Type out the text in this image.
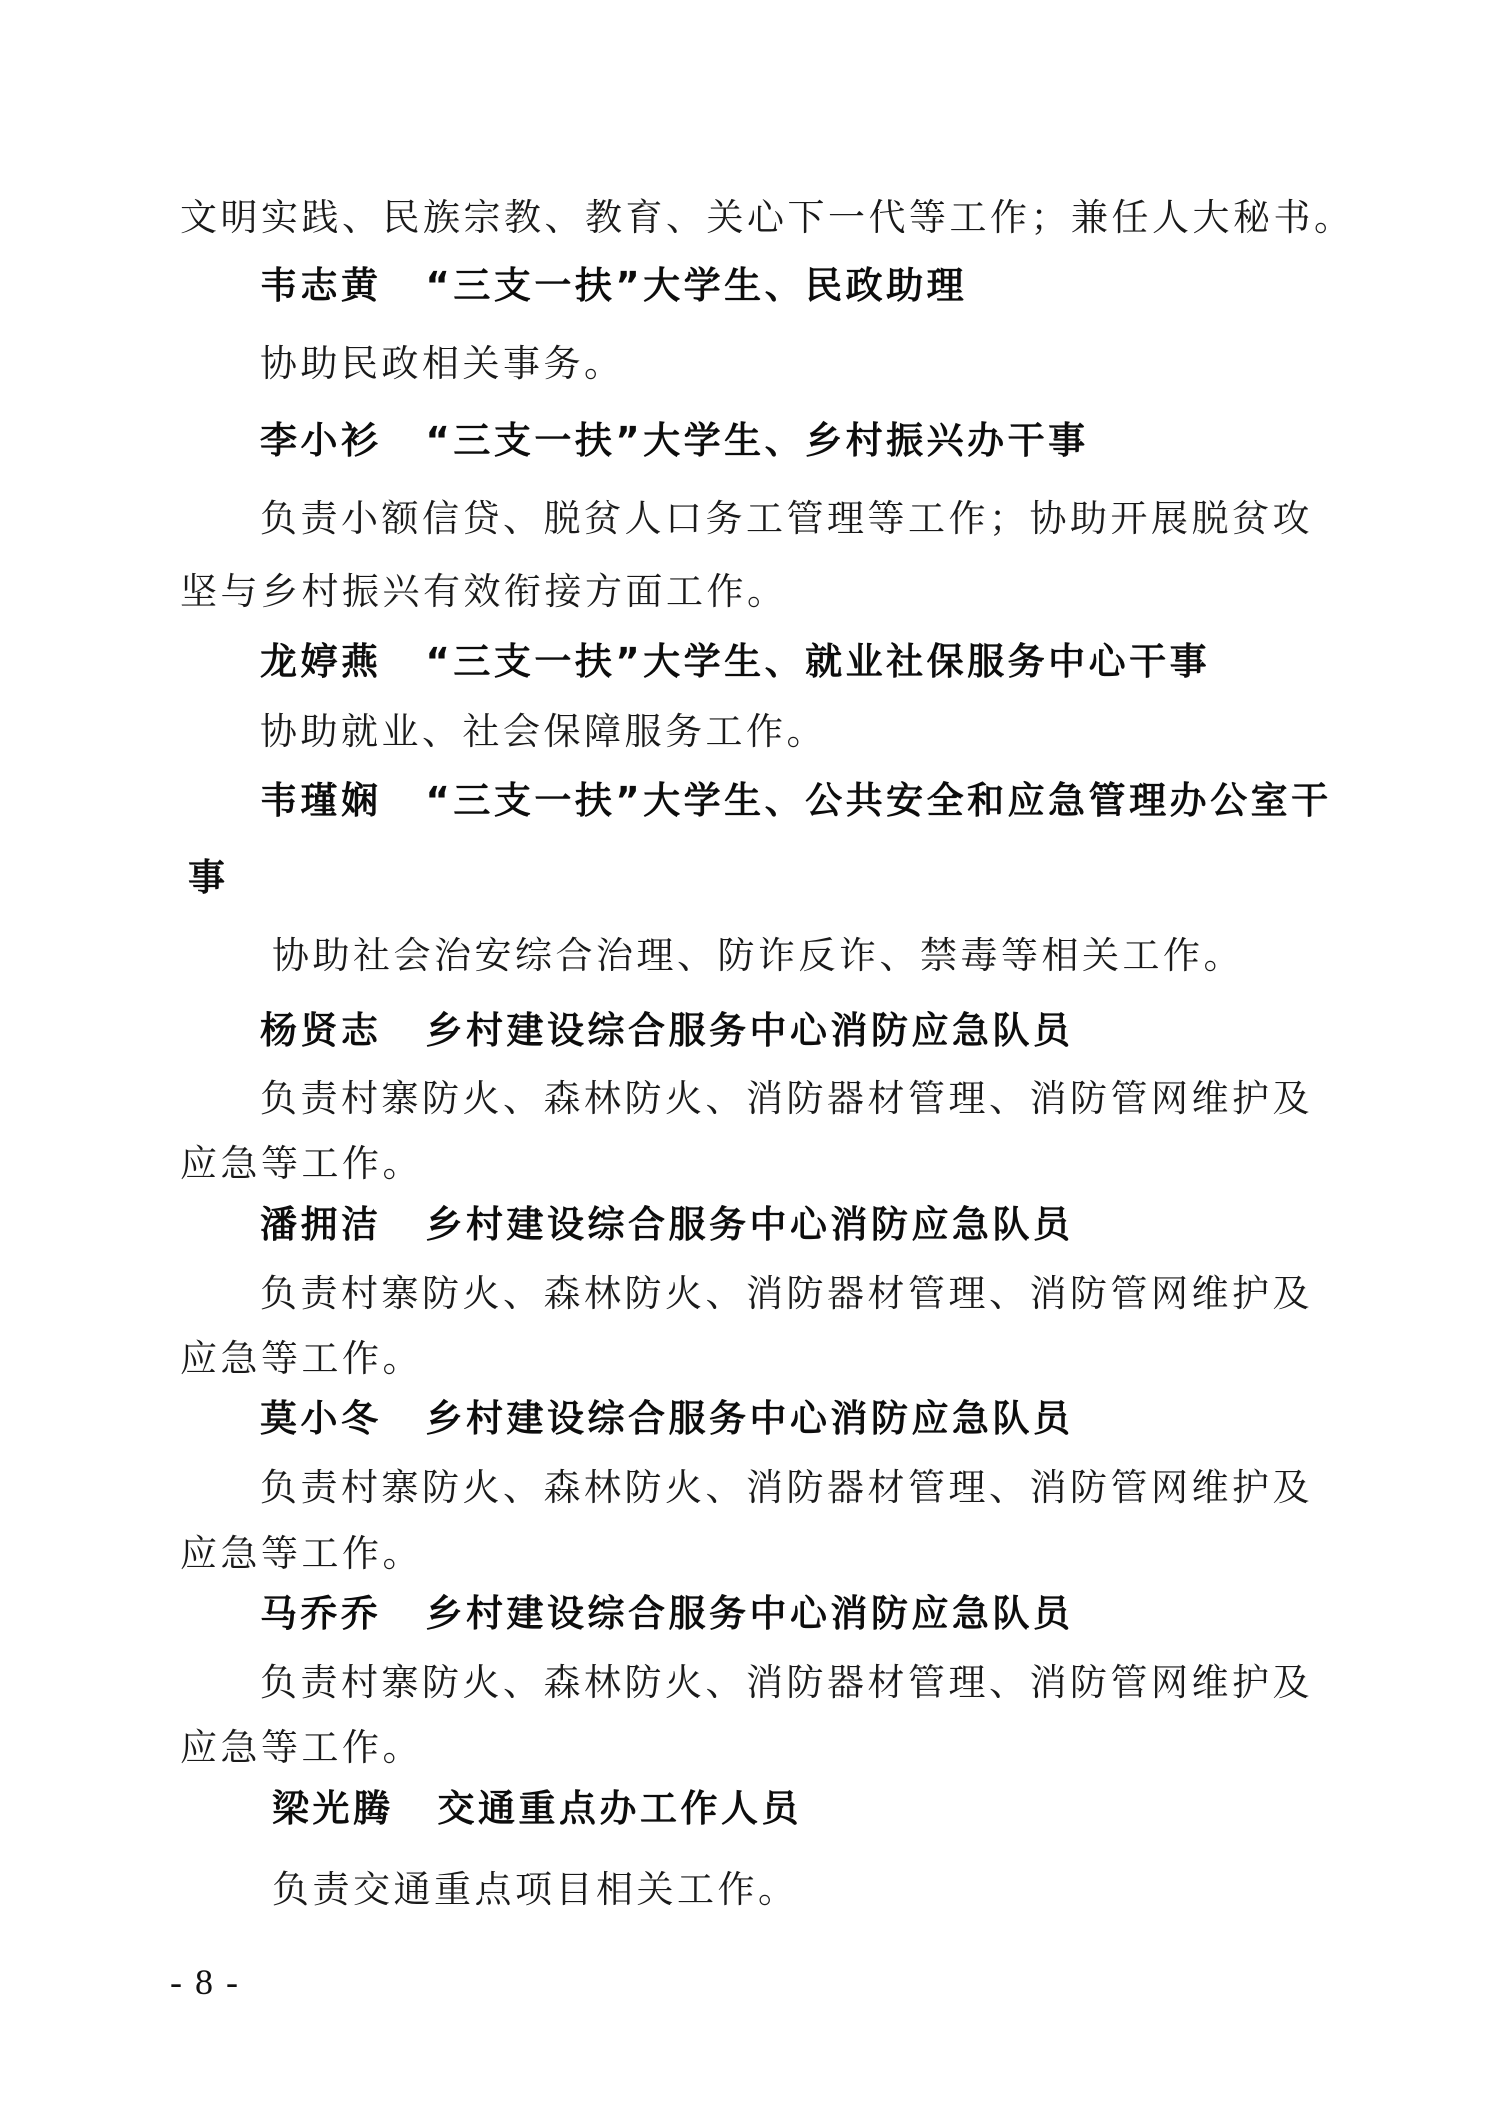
文明实践、民族宗教、教育、关心下一代等工作；兼任人大秘书。
韦志黄 “三支一扶”大学生、民政助理
协助民政相关事务。
李小衫 “三支一扶”大学生、乡村振兴办干事
负责小额信贷、脱贫人口务工管理等工作；协助开展脱贫攻
坚与乡村振兴有效衔接方面工作。
龙婷燕 “三支一扶”大学生、就业社保服务中心干事
协助就业、社会保障服务工作。
韦瑾娴 “三支一扶”大学生、公共安全和应急管理办公室干
事
协助社会治安综合治理、防诈反诈、禁毒等相关工作。
杨贤志 乡村建设综合服务中心消防应急队员
负责村寨防火、森林防火、消防器材管理、消防管网维护及
应急等工作。
潘拥洁 乡村建设综合服务中心消防应急队员
负责村寨防火、森林防火、消防器材管理、消防管网维护及
应急等工作。
莫小冬 乡村建设综合服务中心消防应急队员
负责村寨防火、森林防火、消防器材管理、消防管网维护及
应急等工作。
马乔乔 乡村建设综合服务中心消防应急队员
负责村寨防火、森林防火、消防器材管理、消防管网维护及
应急等工作。
梁光腾 交通重点办工作人员
负责交通重点项目相关工作。
- 8 -
